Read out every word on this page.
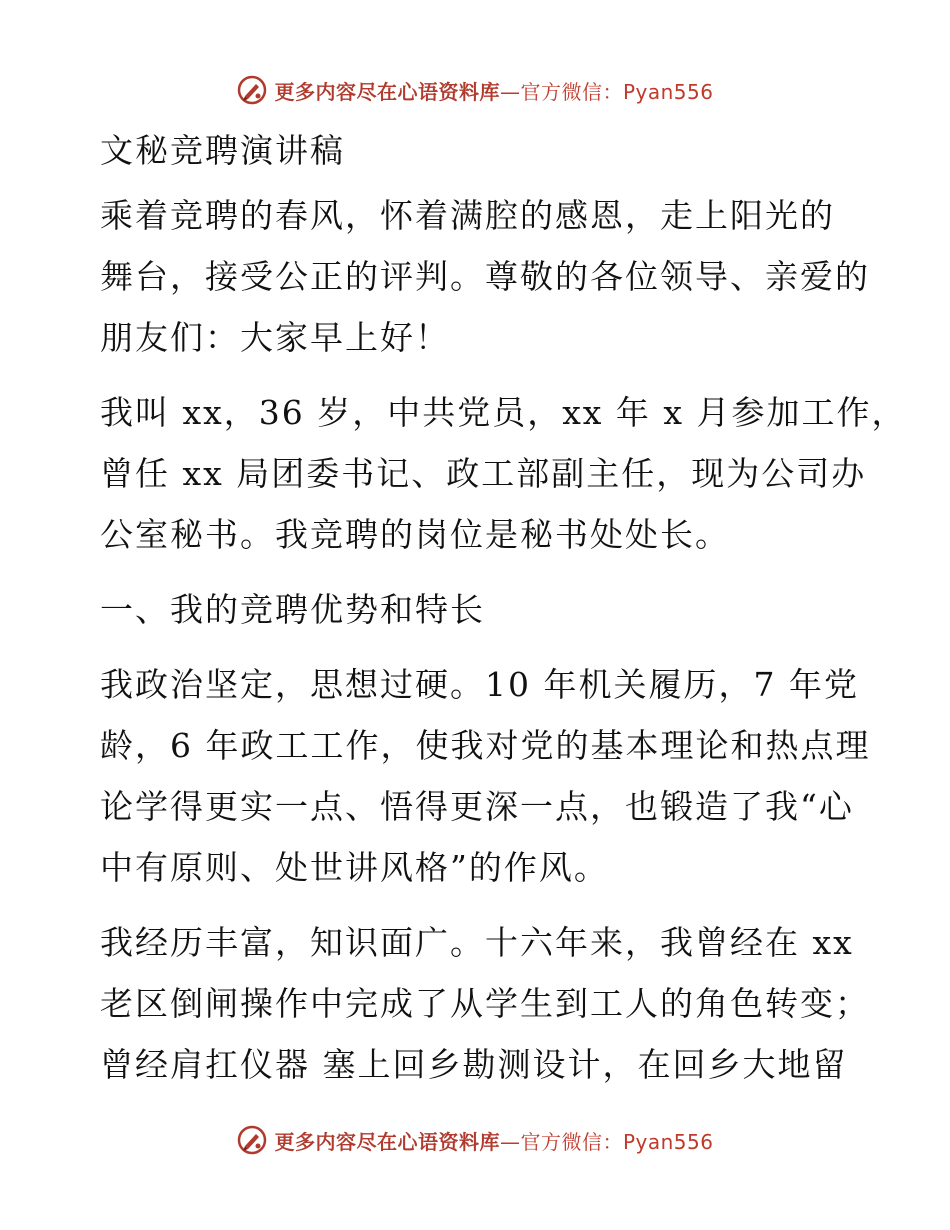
更多内容尽在心语资料库—官方微信：Pyan556
文秘竞聘演讲稿
乘着竞聘的春风，怀着满腔的感恩，走上阳光的
舞台，接受公正的评判。尊敬的各位领导、亲爱的
朋友们：大家早上好！
我叫 xx，36 岁，中共党员，xx 年 x 月参加工作，
曾任 xx 局团委书记、政工部副主任，现为公司办
公室秘书。我竞聘的岗位是秘书处处长。
一、我的竞聘优势和特长
我政治坚定，思想过硬。10 年机关履历，7 年党
龄，6 年政工工作，使我对党的基本理论和热点理
论学得更实一点、悟得更深一点，也锻造了我“心
中有原则、处世讲风格”的作风。
我经历丰富，知识面广。十六年来，我曾经在 xx
老区倒闸操作中完成了从学生到工人的角色转变；
曾经肩扛仪器 塞上回乡勘测设计，在回乡大地留
更多内容尽在心语资料库—官方微信：Pyan556
